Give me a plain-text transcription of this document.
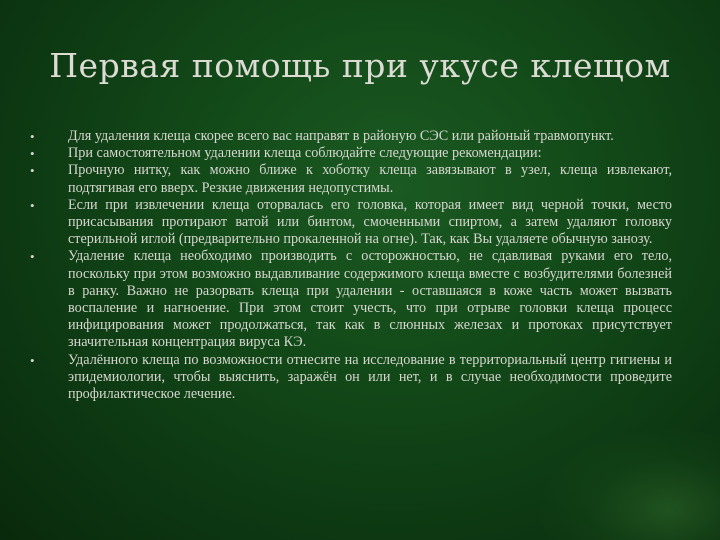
Первая помощь при укусе клещом
•	Для удаления клеща скорее всего вас направят в районую СЭС или районый травмопункт.
•	При самостоятельном удалении клеща соблюдайте следующие рекомендации:
•	Прочную нитку, как можно ближе к хоботку клеща завязывают в узел, клеща извлекают, подтягивая его вверх. Резкие движения недопустимы.
•	Если при извлечении клеща оторвалась его головка, которая имеет вид черной точки, место присасывания протирают ватой или бинтом, смоченными спиртом, а затем удаляют головку стерильной иглой (предварительно прокаленной на огне). Так, как Вы удаляете обычную занозу.
•	Удаление клеща необходимо производить с осторожностью, не сдавливая руками его тело, поскольку при этом возможно выдавливание содержимого клеща вместе с возбудителями болезней в ранку. Важно не разорвать клеща при удалении - оставшаяся в коже часть может вызвать воспаление и нагноение. При этом стоит учесть, что при отрыве головки клеща процесс инфицирования может продолжаться, так как в слюнных железах и протоках присутствует значительная концентрация вируса КЭ.
•	Удалённого клеща по возможности отнесите на исследование в территориальный центр гигиены и эпидемиологии, чтобы выяснить, заражён он или нет, и в случае необходимости проведите профилактическое лечение.
